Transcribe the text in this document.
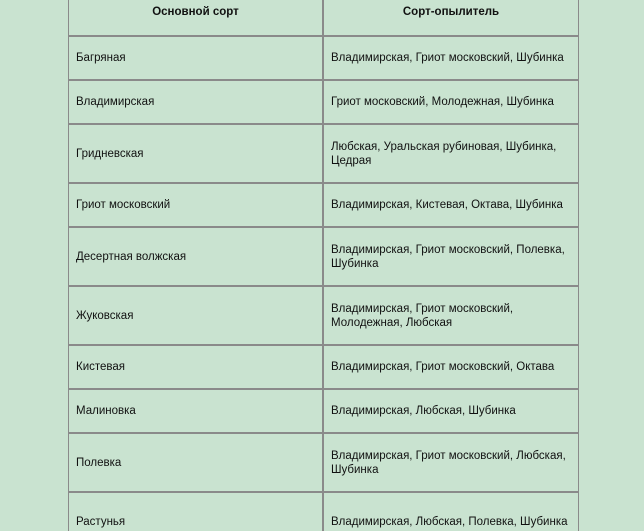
Основной сорт	Сорт-опылитель
Багряная	Владимирская, Гриот московский, Шубинка
Владимирская	Гриот московский, Молодежная, Шубинка
Гридневская	Любская, Уральская рубиновая, Шубинка, Цедрая
Гриот московский	Владимирская, Кистевая, Октава, Шубинка
Десертная волжская	Владимирская, Гриот московский, Полевка, Шубинка
Жуковская	Владимирская, Гриот московский, Молодежная, Любская
Кистевая	Владимирская, Гриот московский, Октава
Малиновка	Владимирская, Любская, Шубинка
Полевка	Владимирская, Гриот московский, Любская, Шубинка
Растунья	Владимирская, Любская, Полевка, Шубинка
